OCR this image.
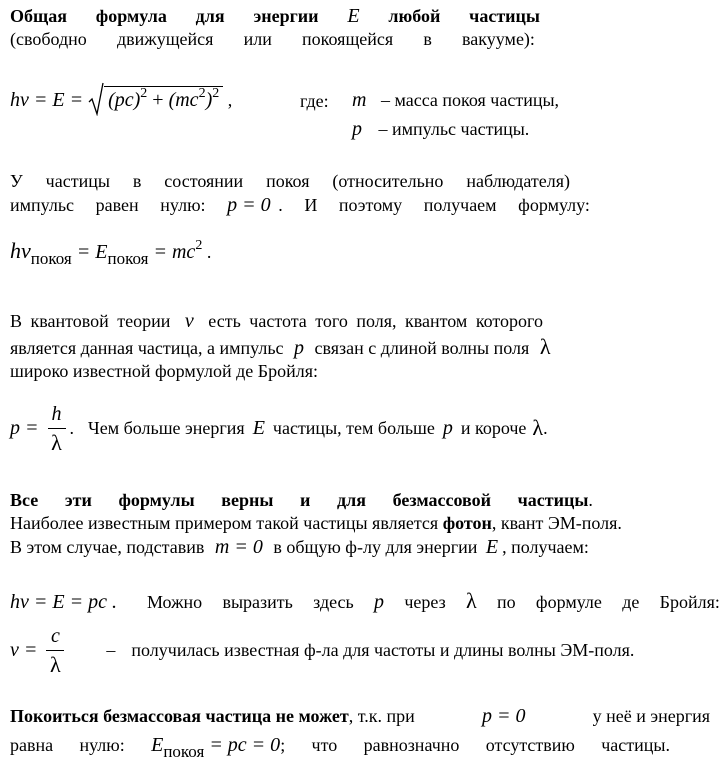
Общая формула для энергии E любой частицы
(свободно движущейся или покоящейся в вакууме):
hν = E =
$(pc)^2 + (mc^2)^2$ ,	где: m – масса покоя частицы,
p – импульс частицы.
У частицы в состоянии покоя (относительно наблюдателя)
импульс равен нулю: p = 0 . И поэтому получаем формулу:
hνпокоя = Eпокоя = $mc^2$ .
В квантовой теории ν есть частота того поля, квантом которого
является данная частица, а импульс p связан с длиной волны поля λ
широко известной формулой де Бройля:
$p = \frac{h}{\lambda}$ . Чем больше энергия E частицы, тем больше p и короче λ .
Все эти формулы верны и для безмассовой частицы.
Наиболее известным примером такой частицы является фотон, квант ЭМ-поля.
В этом случае, подставив m = 0 в общую ф-лу для энергии E , получаем:
hν = E = pc . Можно выразить здесь p через λ по формуле де Бройля:
$\nu = \frac{c}{\lambda}$ – получилась известная ф-ла для частоты и длины волны ЭМ-поля.
Покоиться безмассовая частица не может, т.к. при	p = 0	у неё и энергия
равна нулю: Eпокоя = pc = 0; что равнозначно отсутствию частицы.
